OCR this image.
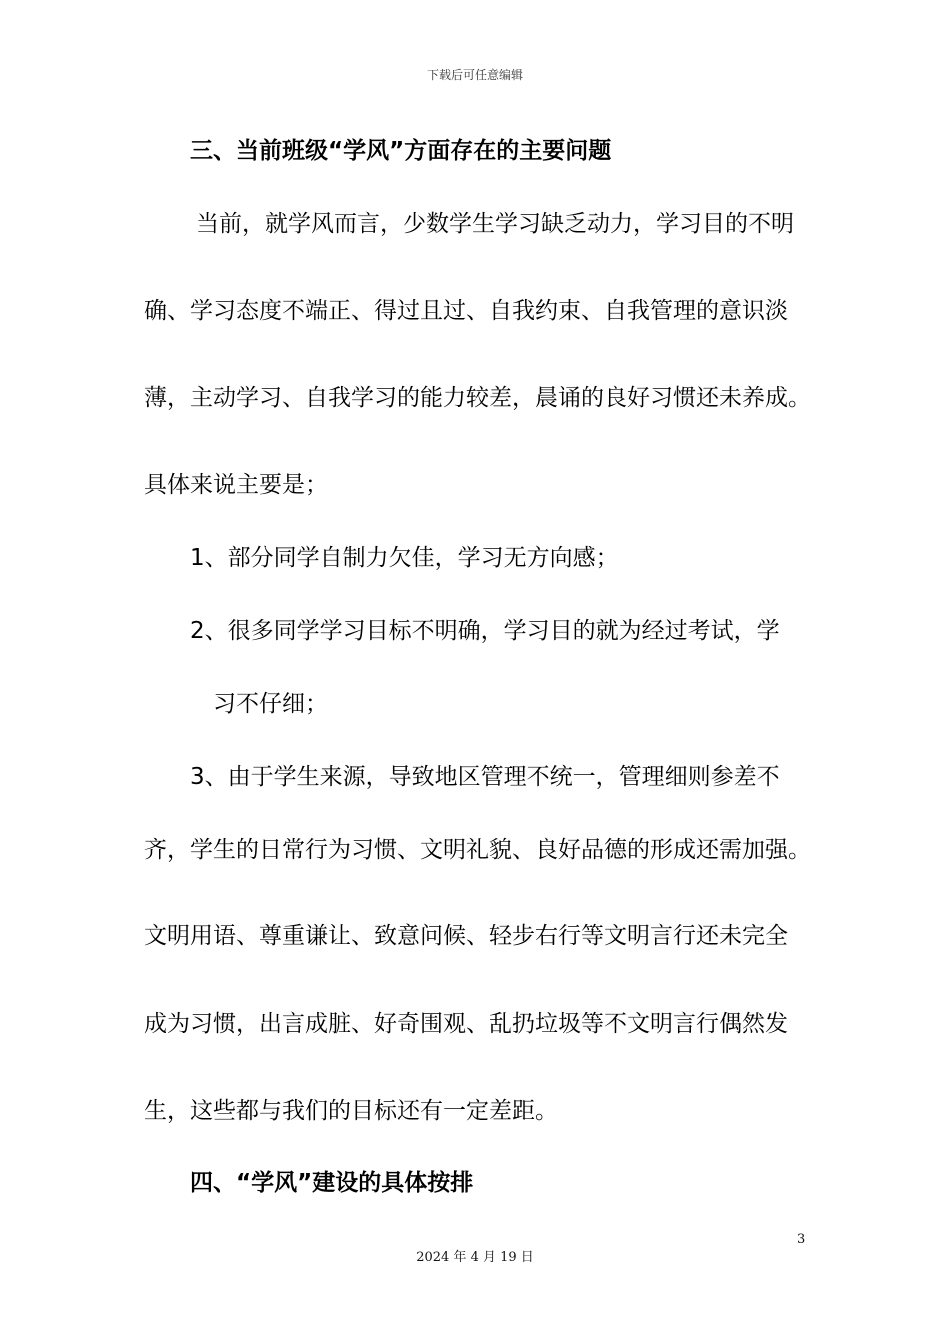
下载后可任意编辑
三、当前班级“学风”方面存在的主要问题
当前，就学风而言，少数学生学习缺乏动力，学习目的不明
确、学习态度不端正、得过且过、自我约束、自我管理的意识淡
薄，主动学习、自我学习的能力较差，晨诵的良好习惯还未养成。
具体来说主要是；
1、部分同学自制力欠佳，学习无方向感；
2、很多同学学习目标不明确，学习目的就为经过考试，学
习不仔细；
3、由于学生来源，导致地区管理不统一，管理细则参差不
齐，学生的日常行为习惯、文明礼貌、良好品德的形成还需加强。
文明用语、尊重谦让、致意问候、轻步右行等文明言行还未完全
成为习惯，出言成脏、好奇围观、乱扔垃圾等不文明言行偶然发
生，这些都与我们的目标还有一定差距。
四、“学风”建设的具体按排
3
2024 年 4 月 19 日
